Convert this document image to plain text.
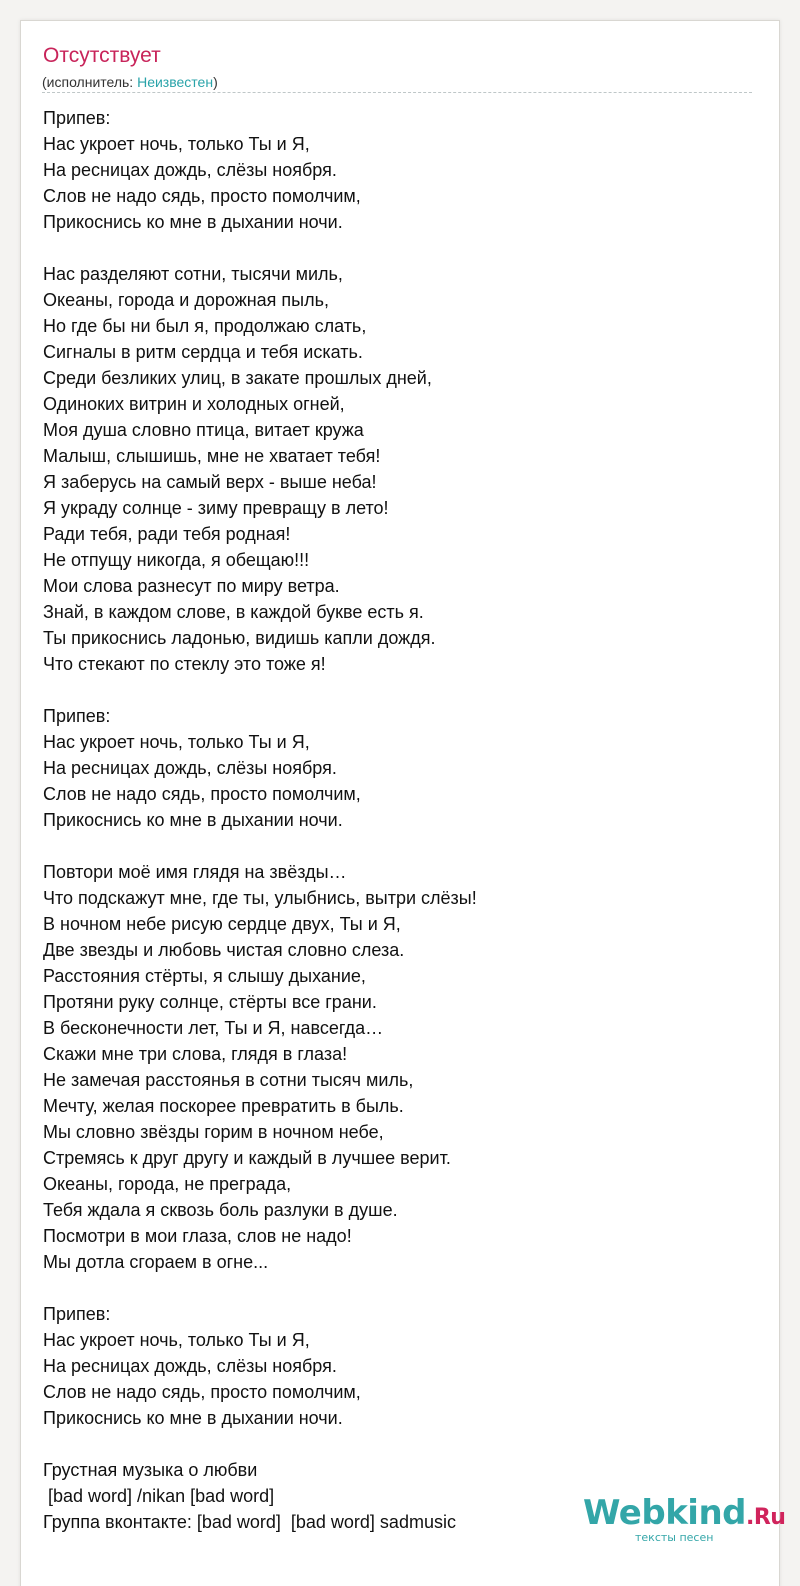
Отсутствует
(исполнитель: Неизвестен)
Припев:
Нас укроет ночь, только Ты и Я,
На ресницах дождь, слёзы ноября.
Слов не надо сядь, просто помолчим,
Прикоснись ко мне в дыхании ночи.
Нас разделяют сотни, тысячи миль,
Океаны, города и дорожная пыль,
Но где бы ни был я, продолжаю слать,
Сигналы в ритм сердца и тебя искать.
Среди безликих улиц, в закате прошлых дней,
Одиноких витрин и холодных огней,
Моя душа словно птица, витает кружа
Малыш, слышишь, мне не хватает тебя!
Я заберусь на самый верх - выше неба!
Я украду солнце - зиму превращу в лето!
Ради тебя, ради тебя родная!
Не отпущу никогда, я обещаю!!!
Мои слова разнесут по миру ветра.
Знай, в каждом слове, в каждой букве есть я.
Ты прикоснись ладонью, видишь капли дождя.
Что стекают по стеклу это тоже я!
Припев:
Нас укроет ночь, только Ты и Я,
На ресницах дождь, слёзы ноября.
Слов не надо сядь, просто помолчим,
Прикоснись ко мне в дыхании ночи.
Повтори моё имя глядя на звёзды…
Что подскажут мне, где ты, улыбнись, вытри слёзы!
В ночном небе рисую сердце двух, Ты и Я,
Две звезды и любовь чистая словно слеза.
Расстояния стёрты, я слышу дыхание,
Протяни руку солнце, стёрты все грани.
В бесконечности лет, Ты и Я, навсегда…
Скажи мне три слова, глядя в глаза!
Не замечая расстоянья в сотни тысяч миль,
Мечту, желая поскорее превратить в быль.
Мы словно звёзды горим в ночном небе,
Стремясь к друг другу и каждый в лучшее верит.
Океаны, города, не преграда,
Тебя ждала я сквозь боль разлуки в душе.
Посмотри в мои глаза, слов не надо!
Мы дотла сгораем в огне...
Припев:
Нас укроет ночь, только Ты и Я,
На ресницах дождь, слёзы ноября.
Слов не надо сядь, просто помолчим,
Прикоснись ко мне в дыхании ночи.
Грустная музыка о любви
[bad word] /nikan [bad word]
Группа вконтакте: [bad word]  [bad word] sadmusic	Webkind.Ru
тексты песен
